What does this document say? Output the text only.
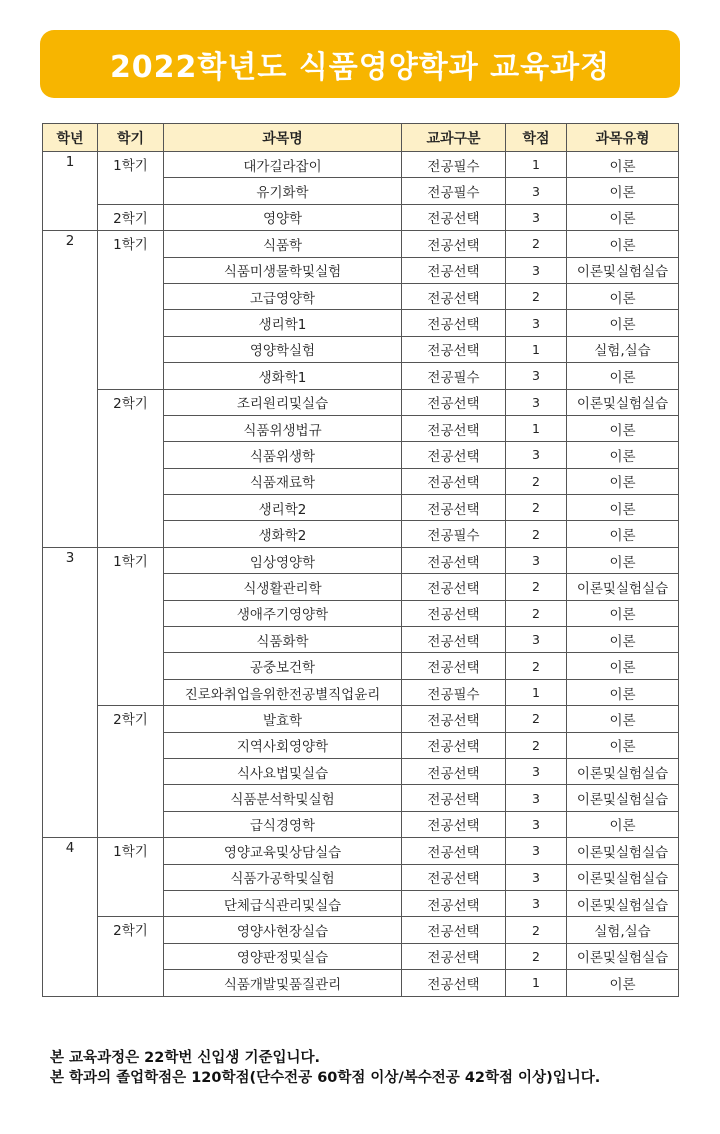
2022학년도 식품영양학과 교육과정
학년	학기	과목명	교과구분	학점	과목유형
1	1학기	대가길라잡이	전공필수	1	이론
		유기화학	전공필수	3	이론
	2학기	영양학	전공선택	3	이론
2	1학기	식품학	전공선택	2	이론
		식품미생물학및실험	전공선택	3	이론및실험실습
		고급영양학	전공선택	2	이론
		생리학1	전공선택	3	이론
		영양학실험	전공선택	1	실험,실습
		생화학1	전공필수	3	이론
	2학기	조리원리및실습	전공선택	3	이론및실험실습
		식품위생법규	전공선택	1	이론
		식품위생학	전공선택	3	이론
		식품재료학	전공선택	2	이론
		생리학2	전공선택	2	이론
		생화학2	전공필수	2	이론
3	1학기	임상영양학	전공선택	3	이론
		식생활관리학	전공선택	2	이론및실험실습
		생애주기영양학	전공선택	2	이론
		식품화학	전공선택	3	이론
		공중보건학	전공선택	2	이론
		진로와취업을위한전공별직업윤리	전공필수	1	이론
	2학기	발효학	전공선택	2	이론
		지역사회영양학	전공선택	2	이론
		식사요법및실습	전공선택	3	이론및실험실습
		식품분석학및실험	전공선택	3	이론및실험실습
		급식경영학	전공선택	3	이론
4	1학기	영양교육및상담실습	전공선택	3	이론및실험실습
		식품가공학및실험	전공선택	3	이론및실험실습
		단체급식관리및실습	전공선택	3	이론및실험실습
	2학기	영양사현장실습	전공선택	2	실험,실습
		영양판정및실습	전공선택	2	이론및실험실습
		식품개발및품질관리	전공선택	1	이론
본 교육과정은 22학번 신입생 기준입니다.
본 학과의 졸업학점은 120학점(단수전공 60학점 이상/복수전공 42학점 이상)입니다.
